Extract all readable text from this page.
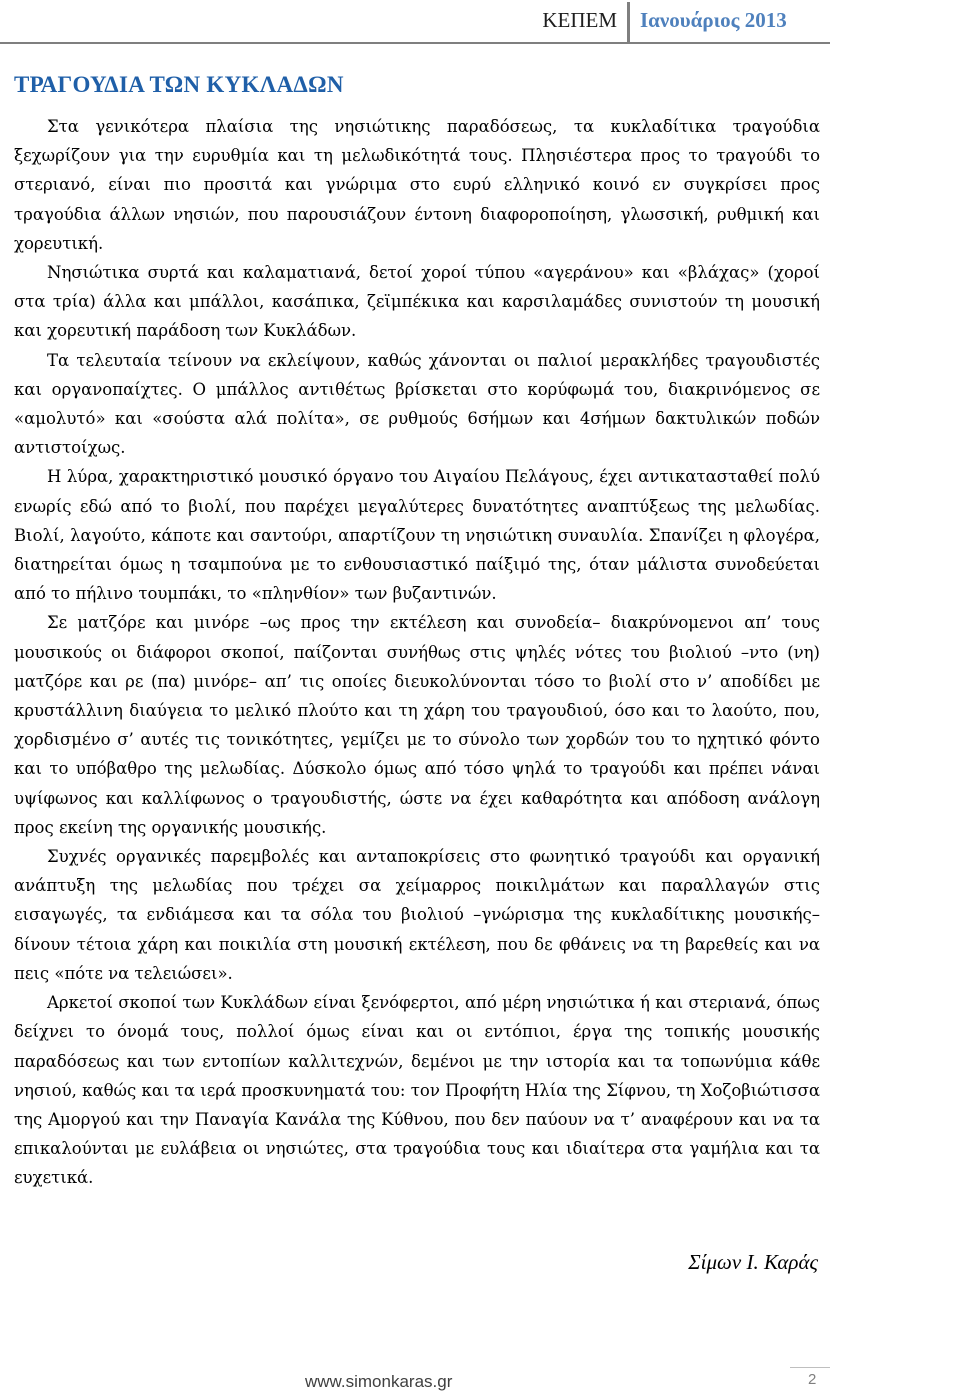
ΚΕΠΕΜ Ιανουάριος 2013
ΤΡΑΓΟΥΔΙΑ ΤΩΝ ΚΥΚΛΑΔΩΝ

Στα γενικότερα πλαίσια της νησιώτικης παραδόσεως, τα κυκλαδίτικα τραγούδια ξεχωρίζουν για την ευρυθμία και τη μελωδικότητά τους. Πλησιέστερα προς το τραγούδι το στεριανό, είναι πιο προσιτά και γνώριμα στο ευρύ ελληνικό κοινό εν συγκρίσει προς τραγούδια άλλων νησιών, που παρουσιάζουν έντονη διαφοροποίηση, γλωσσική, ρυθμική και χορευτική.

Νησιώτικα συρτά και καλαματιανά, δετοί χοροί τύπου «αγεράνου» και «βλάχας» (χοροί στα τρία) άλλα και μπάλλοι, κασάπικα, ζεϊμπέκικα και καρσιλαμάδες συνιστούν τη μουσική και χορευτική παράδοση των Κυκλάδων.

Τα τελευταία τείνουν να εκλείψουν, καθώς χάνονται οι παλιοί μερακλήδες τραγουδιστές και οργανοπαίχτες. Ο μπάλλος αντιθέτως βρίσκεται στο κορύφωμά του, διακρινόμενος σε «αμολυτό» και «σούστα αλά πολίτα», σε ρυθμούς 6σήμων και 4σήμων δακτυλικών ποδών αντιστοίχως.

Η λύρα, χαρακτηριστικό μουσικό όργανο του Αιγαίου Πελάγους, έχει αντικατασταθεί πολύ ενωρίς εδώ από το βιολί, που παρέχει μεγαλύτερες δυνατότητες αναπτύξεως της μελωδίας. Βιολί, λαγούτο, κάποτε και σαντούρι, απαρτίζουν τη νησιώτικη συναυλία. Σπανίζει η φλογέρα, διατηρείται όμως η τσαμπούνα με το ενθουσιαστικό παίξιμό της, όταν μάλιστα συνοδεύεται από το πήλινο τουμπάκι, το «πληνθίον» των βυζαντινών.

Σε ματζόρε και μινόρε –ως προς την εκτέλεση και συνοδεία– διακρύνομενοι απ’ τους μουσικούς οι διάφοροι σκοποί, παίζονται συνήθως στις ψηλές νότες του βιολιού –ντο (νη) ματζόρε και ρε (πα) μινόρε– απ’ τις οποίες διευκολύνονται τόσο το βιολί στο ν’ αποδίδει με κρυστάλλινη διαύγεια το μελικό πλούτο και τη χάρη του τραγουδιού, όσο και το λαούτο, που, χορδισμένο σ’ αυτές τις τονικότητες, γεμίζει με το σύνολο των χορδών του το ηχητικό φόντο και το υπόβαθρο της μελωδίας. Δύσκολο όμως από τόσο ψηλά το τραγούδι και πρέπει νάναι υψίφωνος και καλλίφωνος ο τραγουδιστής, ώστε να έχει καθαρότητα και απόδοση ανάλογη προς εκείνη της οργανικής μουσικής.

Συχνές οργανικές παρεμβολές και ανταποκρίσεις στο φωνητικό τραγούδι και οργανική ανάπτυξη της μελωδίας που τρέχει σα χείμαρρος ποικιλμάτων και παραλλαγών στις εισαγωγές, τα ενδιάμεσα και τα σόλα του βιολιού –γνώρισμα της κυκλαδίτικης μουσικής– δίνουν τέτοια χάρη και ποικιλία στη μουσική εκτέλεση, που δε φθάνεις να τη βαρεθείς και να πεις «πότε να τελειώσει».

Αρκετοί σκοποί των Κυκλάδων είναι ξενόφερτοι, από μέρη νησιώτικα ή και στεριανά, όπως δείχνει το όνομά τους, πολλοί όμως είναι και οι εντόπιοι, έργα της τοπικής μουσικής παραδόσεως και των εντοπίων καλλιτεχνών, δεμένοι με την ιστορία και τα τοπωνύμια κάθε νησιού, καθώς και τα ιερά προσκυνηματά του: τον Προφήτη Ηλία της Σίφνου, τη Χοζοβιώτισσα της Αμοργού και την Παναγία Κανάλα της Κύθνου, που δεν παύουν να τ’ αναφέρουν και να τα επικαλούνται με ευλάβεια οι νησιώτες, στα τραγούδια τους και ιδιαίτερα στα γαμήλια και τα ευχετικά.

Σίμων Ι. Καράς
www.simonkaras.gr	2
